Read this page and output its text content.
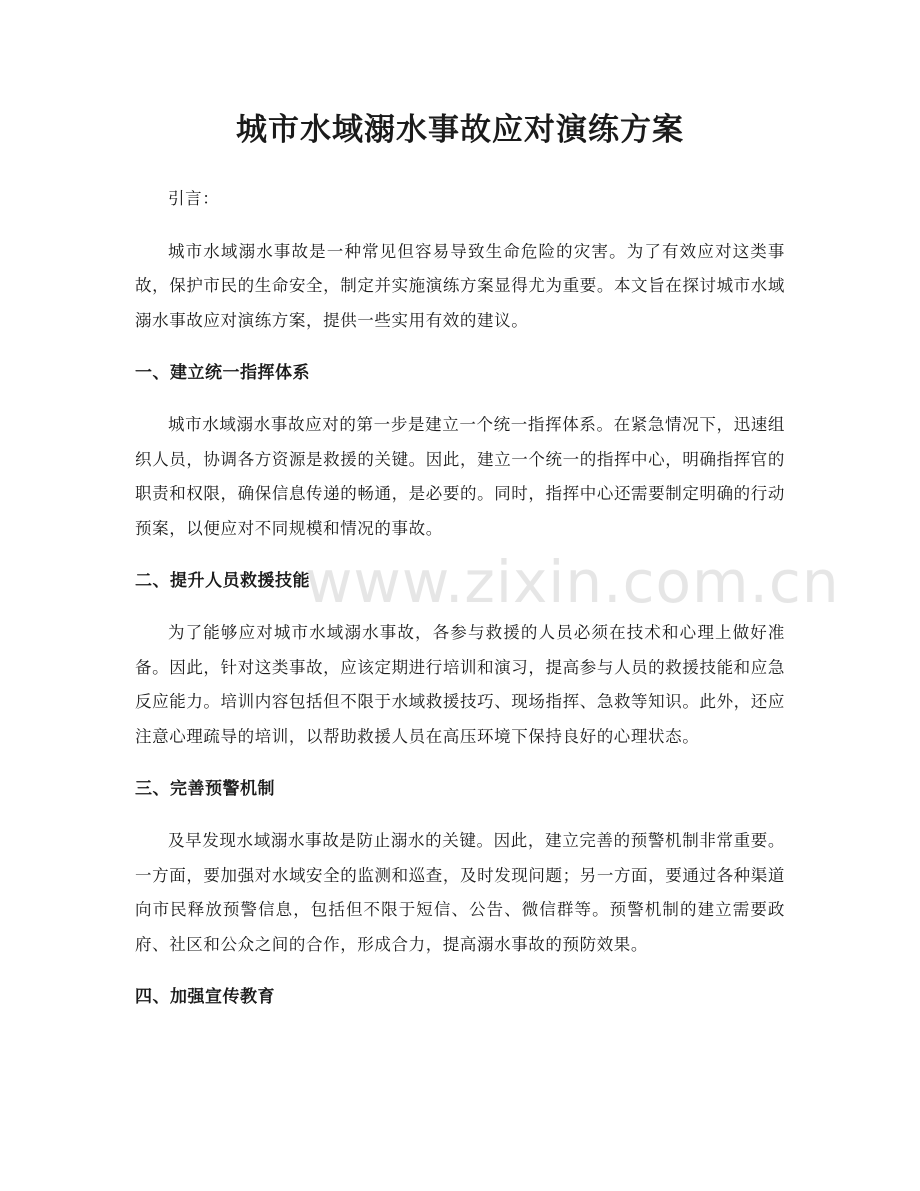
城市水域溺水事故应对演练方案

引言：

城市水域溺水事故是一种常见但容易导致生命危险的灾害。为了有效应对这类事故，保护市民的生命安全，制定并实施演练方案显得尤为重要。本文旨在探讨城市水域溺水事故应对演练方案，提供一些实用有效的建议。

一、建立统一指挥体系

城市水域溺水事故应对的第一步是建立一个统一指挥体系。在紧急情况下，迅速组织人员，协调各方资源是救援的关键。因此，建立一个统一的指挥中心，明确指挥官的职责和权限，确保信息传递的畅通，是必要的。同时，指挥中心还需要制定明确的行动预案，以便应对不同规模和情况的事故。

二、提升人员救援技能

为了能够应对城市水域溺水事故，各参与救援的人员必须在技术和心理上做好准备。因此，针对这类事故，应该定期进行培训和演习，提高参与人员的救援技能和应急反应能力。培训内容包括但不限于水域救援技巧、现场指挥、急救等知识。此外，还应注意心理疏导的培训，以帮助救援人员在高压环境下保持良好的心理状态。

三、完善预警机制

及早发现水域溺水事故是防止溺水的关键。因此，建立完善的预警机制非常重要。一方面，要加强对水域安全的监测和巡查，及时发现问题；另一方面，要通过各种渠道向市民释放预警信息，包括但不限于短信、公告、微信群等。预警机制的建立需要政府、社区和公众之间的合作，形成合力，提高溺水事故的预防效果。

四、加强宣传教育
www.zixin.com.cn
